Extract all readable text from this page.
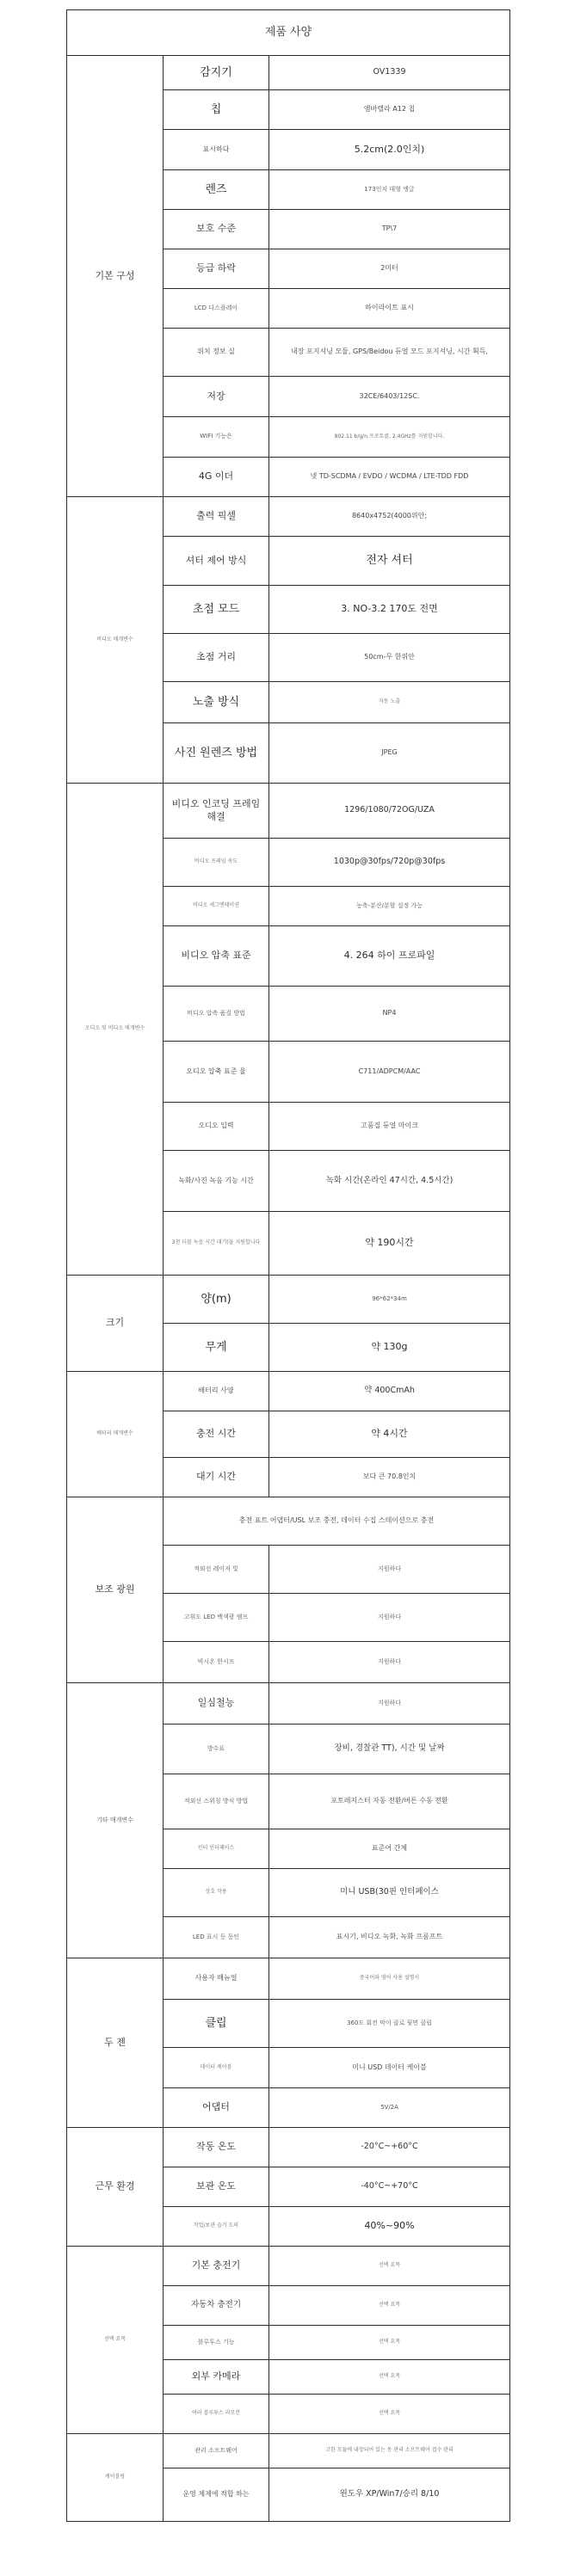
제품 사양		
기본 구성	감지기	OV1339
	칩	앰바렐라 A12 칩
	표시하다	5.2cm(2.0인치)
	렌즈	173인치 대형 앵글
	보호 수준	TP\7
	등급 하락	2미터
	LCD 디스플레이	하이라이트 표시
	위치 정보 실	내장 포지셔닝 모듈, GPS/Beidou 듀얼 모드 포지셔닝, 시간 획득,
	저장	32CE/6403/12SC.
	WIFI 기능은	802.11 b/g/n 프로토콜, 2.4GHz를 지원합니다.
	4G 이더	넷 TD-SCDMA / EVDO / WCDMA / LTE-TDD FDD
비디오 매개변수	출력 픽셀	8640x4752(4000위안;
	셔터 제어 방식	전자 셔터
	초점 모드	3. NO-3.2 170도 전면
	초점 거리	50cm-무 한위안
	노출 방식	자동 노출
	사진 원렌즈 방법	JPEG
오디오 및 비디오 매개변수	비디오 인코딩 프레임 해결	1296/1080/72OG/UZA
	비디오 프레임 속도	1030p@30fps/720p@30fps
	비디오 세그멘테이션	농축-분산/분할 설정 가능
	비디오 압축 표준	4. 264 하이 프로파일
	비디오 압축 품질 방법	NP4
	오디오 압축 표준 율	C711/ADPCM/AAC
	오디오 입력	고품질 듀얼 마이크
	녹화/사진 녹음 기능 시간	녹화 시간(온라인 47시간, 4.5시간)
	3천 더블 녹음 시간 대기(을 지원합니다	약 190시간
크기	양(m)	96*62*34m
	무게	약 130g
배터리 매개변수	배터리 사양	약 400CmAh
	충전 시간	약 4시간
	대기 시간	보다 큰 70.8인치
보조 광원	충전 표트 어댑터/USL 보조 충전, 데이터 수집 스테이션으로 충전	
	적외선 레이저 빛	지원하다
	고휘도 LED 백색광 램프	지원하다
	빅시온 한시프	지원하다
기타 매개변수	일심철능	지원하다
	방수표	장비, 경찰관 TT), 시간 및 날짜
	적외선 스위칭 방식 방법	포토레지스터 자동 전환/버튼 수동 전환
	인터 인터페이스	표준어 간체
	상호 작용	미니 USB(30핀 인터페이스
	LED 표시 등 동인	표시기, 비디오 녹화, 녹화 프롬프트
두 젠	사용자 매뉴얼	중국어와 영어 사용 설명서
	클립	360도 회전 막이 클로 뒷면 클립
	데이터 케이블	미니 USD 데이터 케이블
	어댑터	5V/2A
근무 환경	작동 온도	-20°C~+60°C
	보관 온도	-40°C~+70°C
	작업/보관 습기 도의	40%~90%
선택 요목	기본 충전기	선택 요목
	자동차 충전기	선택 요목
	블루투스 기능	선택 요목
	외부 카메라	선택 요목
	여러 블루투스 리모컨	선택 요목
케이블링	관리 소프트웨어	고한 모듈에 내장되어 있는 동 관리 소프트웨어 접수 관리
	운영 체제에 적합 하는	윈도우 XP/Win7/승리 8/10
